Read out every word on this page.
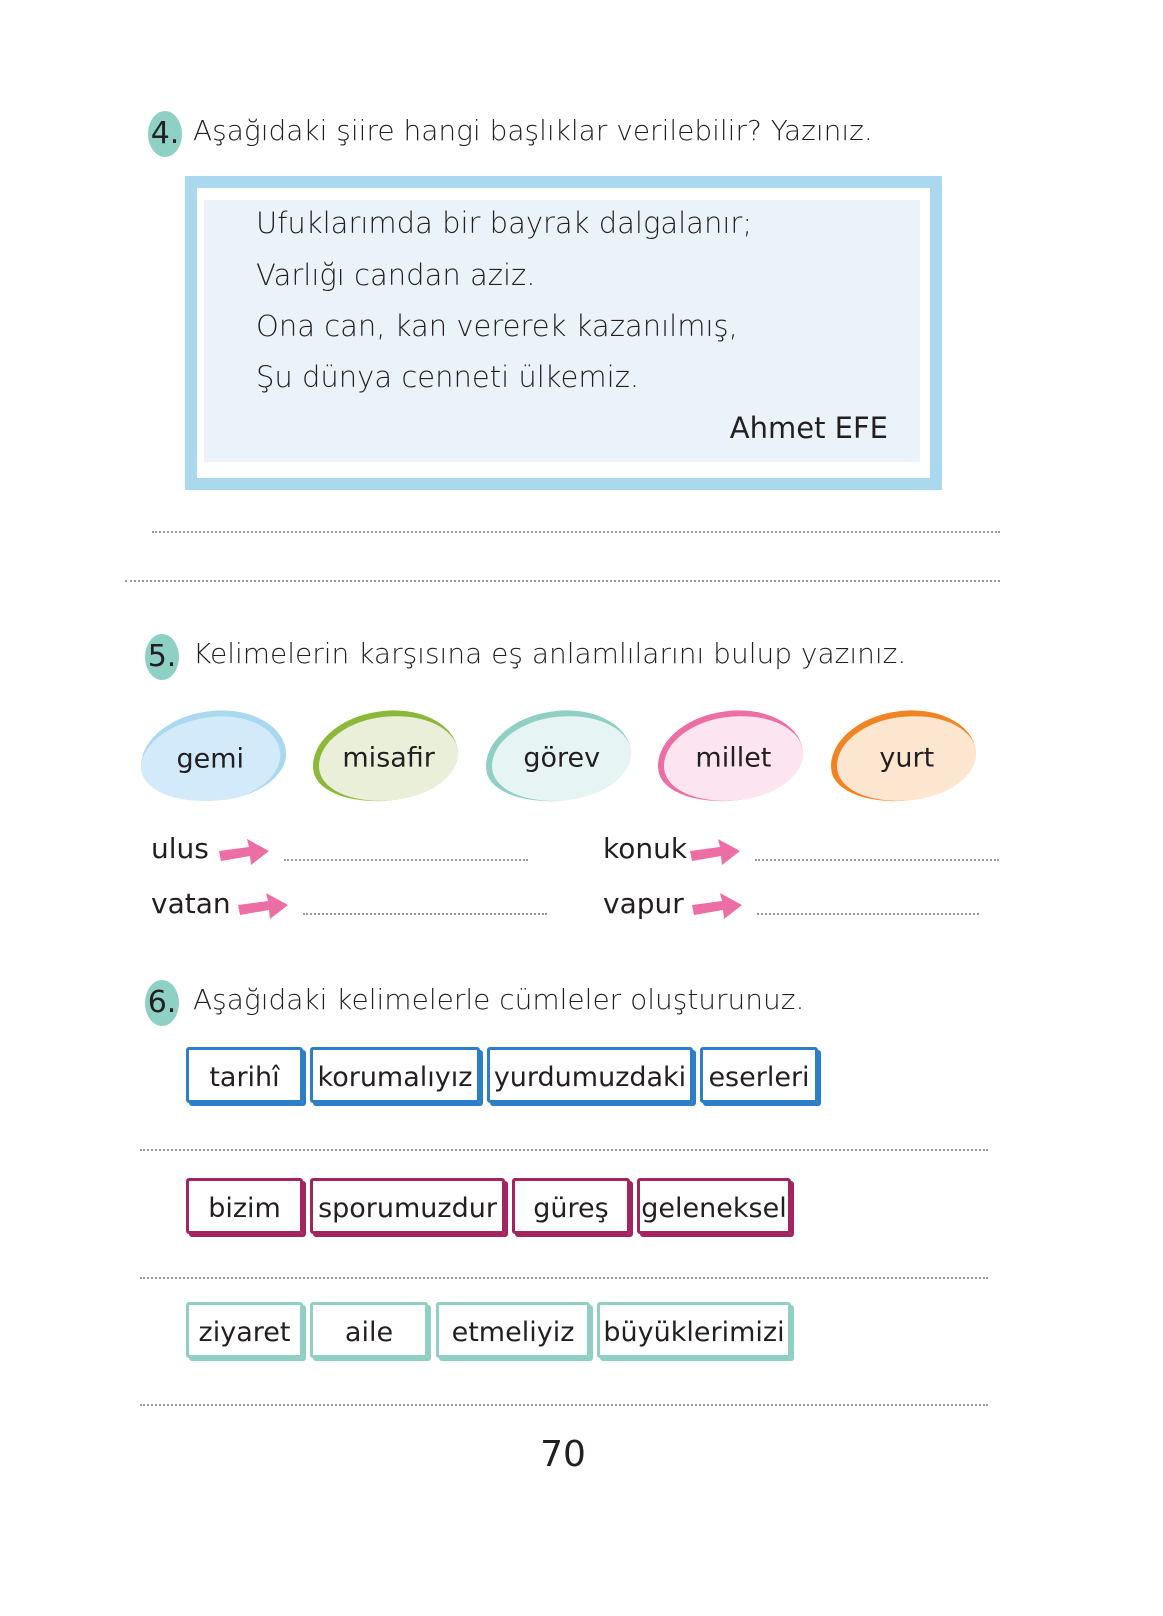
4. Aşağıdaki şiire hangi başlıklar verilebilir? Yazınız.
Ufuklarımda bir bayrak dalgalanır;
Varlığı candan aziz.
Ona can, kan vererek kazanılmış,
Şu dünya cenneti ülkemiz.
Ahmet EFE
5. Kelimelerin karşısına eş anlamlılarını bulup yazınız.
gemi	misafir	görev	millet	yurt
ulus	konuk
vatan	vapur
6. Aşağıdaki kelimelerle cümleler oluşturunuz.
tarihî	korumalıyız yurdumuzdaki eserleri
bizim	sporumuzdur	güreş	geleneksel
ziyaret	aile	etmeliyiz	büyüklerimizi
70
